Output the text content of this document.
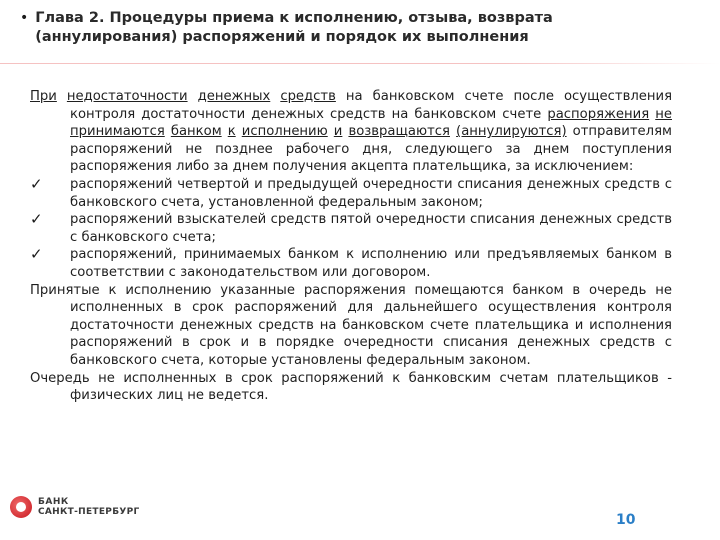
• Глава 2. Процедуры приема к исполнению, отзыва, возврата (аннулирования) распоряжений и порядок их выполнения
При недостаточности денежных средств на банковском счете после осуществления контроля достаточности денежных средств на банковском счете распоряжения не принимаются банком к исполнению и возвращаются (аннулируются) отправителям распоряжений не позднее рабочего дня, следующего за днем поступления распоряжения либо за днем получения акцепта плательщика, за исключением:
✓	распоряжений четвертой и предыдущей очередности списания денежных средств с банковского счета, установленной федеральным законом;
✓	распоряжений взыскателей средств пятой очередности списания денежных средств с банковского счета;
✓	распоряжений, принимаемых банком к исполнению или предъявляемых банком в соответствии с законодательством или договором.
Принятые к исполнению указанные распоряжения помещаются банком в очередь не исполненных в срок распоряжений для дальнейшего осуществления контроля достаточности денежных средств на банковском счете плательщика и исполнения распоряжений в срок и в порядке очередности списания денежных средств с банковского счета, которые установлены федеральным законом.
Очередь не исполненных в срок распоряжений к банковским счетам плательщиков - физических лиц не ведется.
БАНК
САНКТ-ПЕТЕРБУРГ
10
